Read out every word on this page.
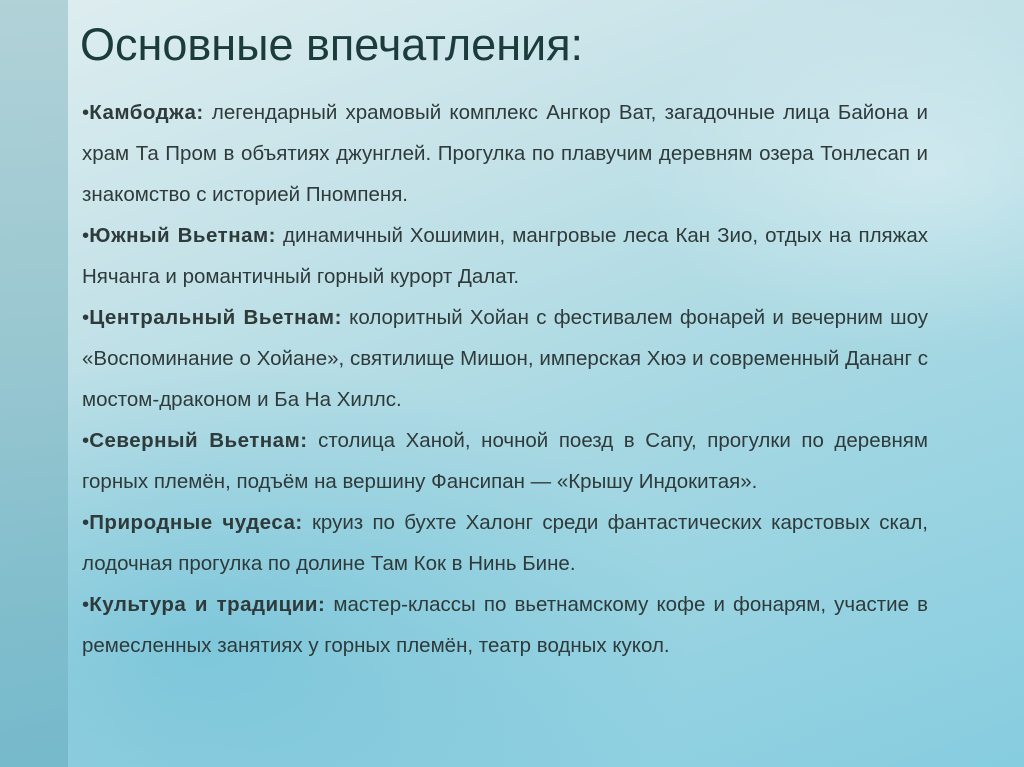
Основные впечатления:

•Камбоджа: легендарный храмовый комплекс Ангкор Ват, загадочные лица Байона и храм Та Пром в объятиях джунглей. Прогулка по плавучим деревням озера Тонлесап и знакомство с историей Пномпеня.

•Южный Вьетнам: динамичный Хошимин, мангровые леса Кан Зио, отдых на пляжах Нячанга и романтичный горный курорт Далат.

•Центральный Вьетнам: колоритный Хойан с фестивалем фонарей и вечерним шоу «Воспоминание о Хойане», святилище Мишон, имперская Хюэ и современный Дананг с мостом-драконом и Ба На Хиллс.

•Северный Вьетнам: столица Ханой, ночной поезд в Сапу, прогулки по деревням горных племён, подъём на вершину Фансипан — «Крышу Индокитая».

•Природные чудеса: круиз по бухте Халонг среди фантастических карстовых скал, лодочная прогулка по долине Там Кок в Нинь Бине.

•Культура и традиции: мастер-классы по вьетнамскому кофе и фонарям, участие в ремесленных занятиях у горных племён, театр водных кукол.
